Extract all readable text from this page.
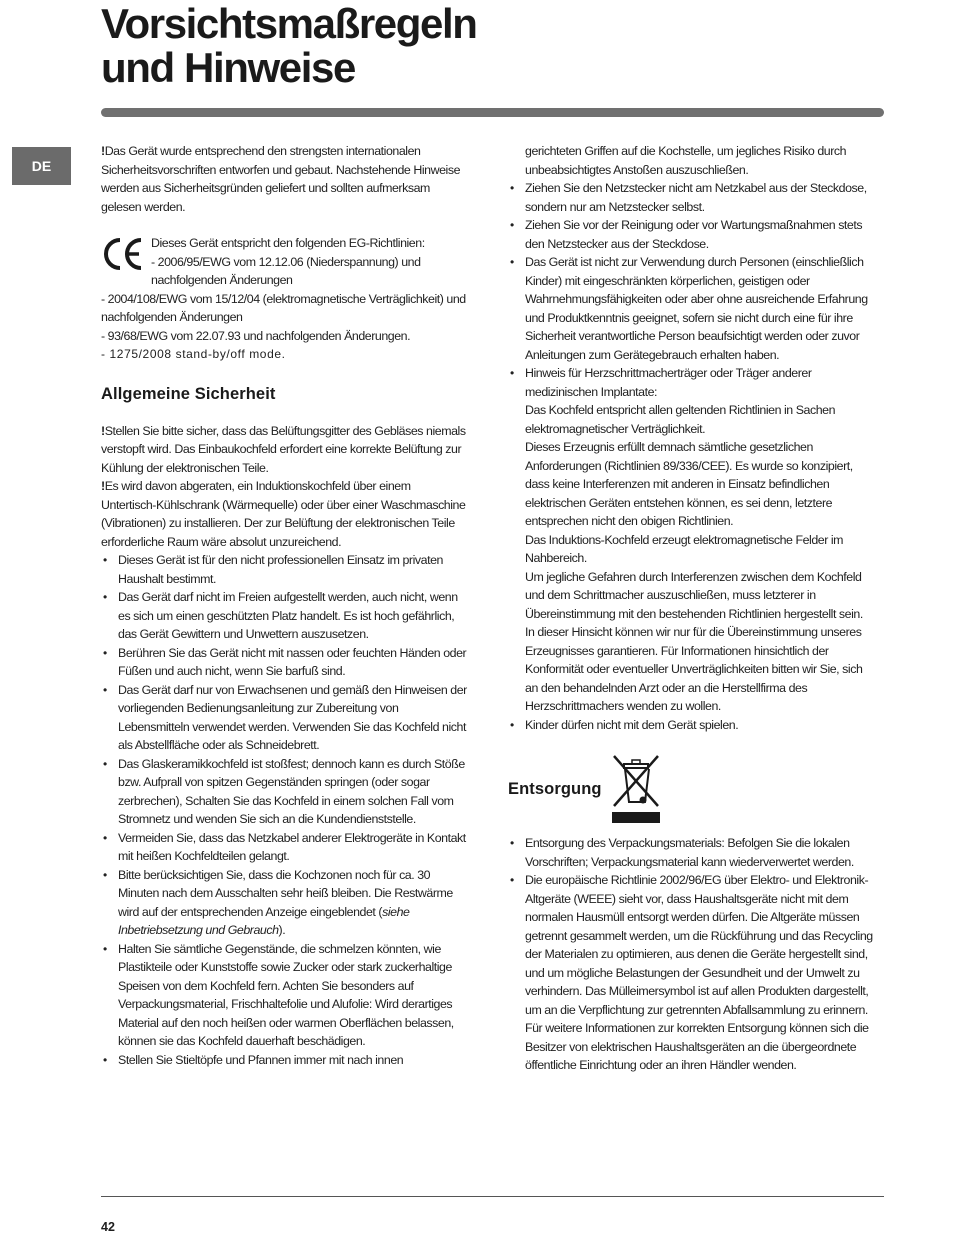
Vorsichtsmaßregeln
und Hinweise
DE

!Das Gerät wurde entsprechend den strengsten internationalen Sicherheitsvorschriften entworfen und gebaut. Nachstehende Hinweise werden aus Sicherheitsgründen geliefert und sollten aufmerksam gelesen werden.

Dieses Gerät entspricht den folgenden EG-Richtlinien:

- 2006/95/EWG vom 12.12.06 (Niederspannung) und nachfolgenden Änderungen

- 2004/108/EWG vom 15/12/04 (elektromagnetische Verträglichkeit) und nachfolgenden Änderungen

- 93/68/EWG vom 22.07.93 und nachfolgenden Änderungen.

- 1275/2008 stand-by/off mode.

Allgemeine Sicherheit

!Stellen Sie bitte sicher, dass das Belüftungsgitter des Gebläses niemals verstopft wird. Das Einbaukochfeld erfordert eine korrekte Belüftung zur Kühlung der elektronischen Teile.

!Es wird davon abgeraten, ein Induktionskochfeld über einem Untertisch-Kühlschrank (Wärmequelle) oder über einer Waschmaschine (Vibrationen) zu installieren. Der zur Belüftung der elektronischen Teile erforderliche Raum wäre absolut unzureichend.

• Dieses Gerät ist für den nicht professionellen Einsatz im privaten Haushalt bestimmt.
• Das Gerät darf nicht im Freien aufgestellt werden, auch nicht, wenn es sich um einen geschützten Platz handelt. Es ist hoch gefährlich, das Gerät Gewittern und Unwettern auszusetzen.
• Berühren Sie das Gerät nicht mit nassen oder feuchten Händen oder Füßen und auch nicht, wenn Sie barfuß sind.
• Das Gerät darf nur von Erwachsenen und gemäß den Hinweisen der vorliegenden Bedienungsanleitung zur Zubereitung von Lebensmitteln verwendet werden. Verwenden Sie das Kochfeld nicht als Abstellfläche oder als Schneidebrett.
• Das Glaskeramikkochfeld ist stoßfest; dennoch kann es durch Stöße bzw. Aufprall von spitzen Gegenständen springen (oder sogar zerbrechen), Schalten Sie das Kochfeld in einem solchen Fall vom Stromnetz und wenden Sie sich an die Kundendienststelle.
• Vermeiden Sie, dass das Netzkabel anderer Elektrogeräte in Kontakt mit heißen Kochfeldteilen gelangt.
• Bitte berücksichtigen Sie, dass die Kochzonen noch für ca. 30 Minuten nach dem Ausschalten sehr heiß bleiben. Die Restwärme wird auf der entsprechenden Anzeige eingeblendet (siehe Inbetriebsetzung und Gebrauch).
• Halten Sie sämtliche Gegenstände, die schmelzen könnten, wie Plastikteile oder Kunststoffe sowie Zucker oder stark zuckerhaltige Speisen von dem Kochfeld fern. Achten Sie besonders auf Verpackungsmaterial, Frischhaltefolie und Alufolie: Wird derartiges Material auf den noch heißen oder warmen Oberflächen belassen, können sie das Kochfeld dauerhaft beschädigen.
• Stellen Sie Stieltöpfe und Pfannen immer mit nach innen

gerichteten Griffen auf die Kochstelle, um jegliches Risiko durch unbeabsichtigtes Anstoßen auszuschließen.

• Ziehen Sie den Netzstecker nicht am Netzkabel aus der Steckdose, sondern nur am Netzstecker selbst.
• Ziehen Sie vor der Reinigung oder vor Wartungsmaßnahmen stets den Netzstecker aus der Steckdose.
• Das Gerät ist nicht zur Verwendung durch Personen (einschließlich Kinder) mit eingeschränkten körperlichen, geistigen oder Wahrnehmungsfähigkeiten oder aber ohne ausreichende Erfahrung und Produktkenntnis geeignet, sofern sie nicht durch eine für ihre Sicherheit verantwortliche Person beaufsichtigt werden oder zuvor Anleitungen zum Gerätegebrauch erhalten haben.

• Hinweis für Herzschrittmacherträger oder Träger anderer medizinischen Implantate:

Das Kochfeld entspricht allen geltenden Richtlinien in Sachen elektromagnetischer Verträglichkeit.

Dieses Erzeugnis erfüllt demnach sämtliche gesetzlichen Anforderungen (Richtlinien 89/336/CEE). Es wurde so konzipiert, dass keine Interferenzen mit anderen in Einsatz befindlichen elektrischen Geräten entstehen können, es sei denn, letztere entsprechen nicht den obigen Richtlinien.

Das Induktions-Kochfeld erzeugt elektromagnetische Felder im Nahbereich.

Um jegliche Gefahren durch Interferenzen zwischen dem Kochfeld und dem Schrittmacher auszuschließen, muss letzterer in Übereinstimmung mit den bestehenden Richtlinien hergestellt sein.

In dieser Hinsicht können wir nur für die Übereinstimmung unseres Erzeugnisses garantieren. Für Informationen hinsichtlich der Konformität oder eventueller Unverträglichkeiten bitten wir Sie, sich an den behandelnden Arzt oder an die Herstellfirma des Herzschrittmachers wenden zu wollen.

• Kinder dürfen nicht mit dem Gerät spielen.
Entsorgung
• Entsorgung des Verpackungsmaterials: Befolgen Sie die lokalen Vorschriften; Verpackungsmaterial kann wiederverwertet werden.

• Die europäische Richtlinie 2002/96/EG über Elektro- und Elektronik-Altgeräte (WEEE) sieht vor, dass Haushaltsgeräte nicht mit dem normalen Hausmüll entsorgt werden dürfen. Die Altgeräte müssen getrennt gesammelt werden, um die Rückführung und das Recycling der Materialen zu optimieren, aus denen die Geräte hergestellt sind, und um mögliche Belastungen der Gesundheit und der Umwelt zu verhindern. Das Mülleimersymbol ist auf allen Produkten dargestellt, um an die Verpflichtung zur getrennten Abfallsammlung zu erinnern.

Für weitere Informationen zur korrekten Entsorgung können sich die Besitzer von elektrischen Haushaltsgeräten an die übergeordnete öffentliche Einrichtung oder an ihren Händler wenden.

42
